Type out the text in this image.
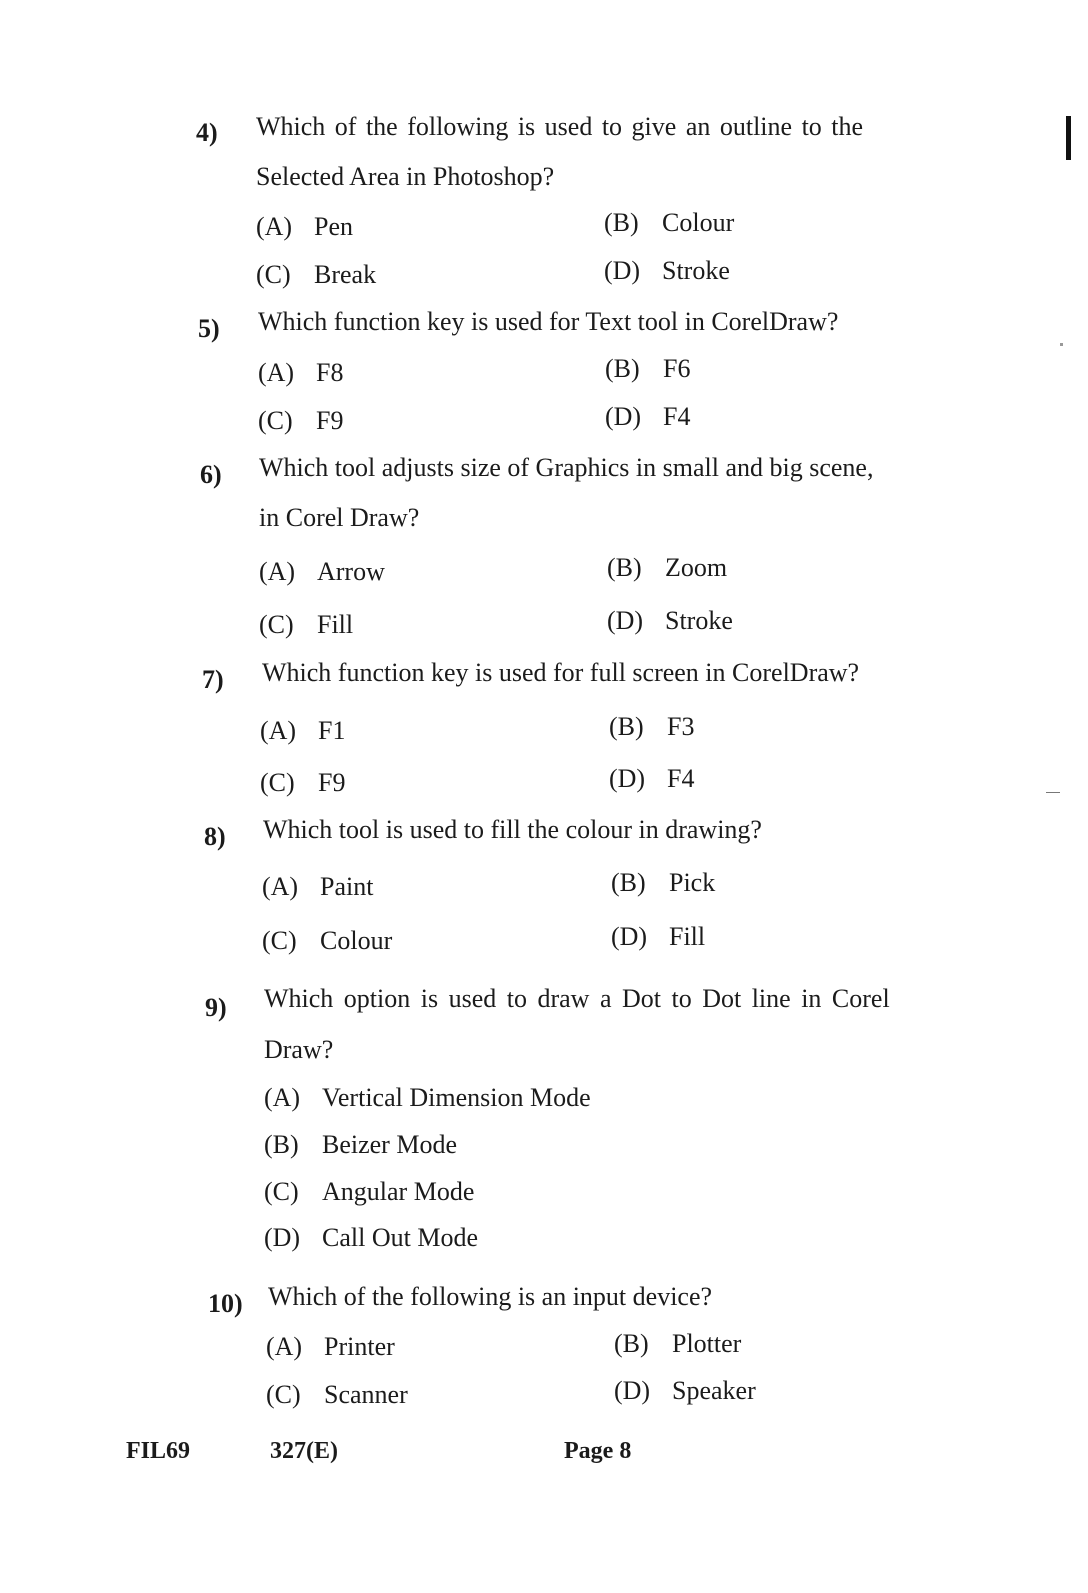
4) Which of the following is used to give an outline to the
Selected Area in Photoshop?
(A) Pen	(B) Colour
(C) Break	(D) Stroke
5) Which function key is used for Text tool in CorelDraw?
(A) F8	(B) F6
(C) F9	(D) F4
6) Which tool adjusts size of Graphics in small and big scene,
in Corel Draw?
(A) Arrow	(B) Zoom
(C) Fill	(D) Stroke
7) Which function key is used for full screen in CorelDraw?
(A) F1	(B) F3
(C) F9	(D) F4
8) Which tool is used to fill the colour in drawing?
(A) Paint	(B) Pick
(C) Colour	(D) Fill
9) Which option is used to draw a Dot to Dot line in Corel
Draw?
(A) Vertical Dimension Mode
(B) Beizer Mode
(C) Angular Mode
(D) Call Out Mode
10) Which of the following is an input device?
(A) Printer	(B) Plotter
(C) Scanner	(D) Speaker
FIL69	327(E)	Page 8
